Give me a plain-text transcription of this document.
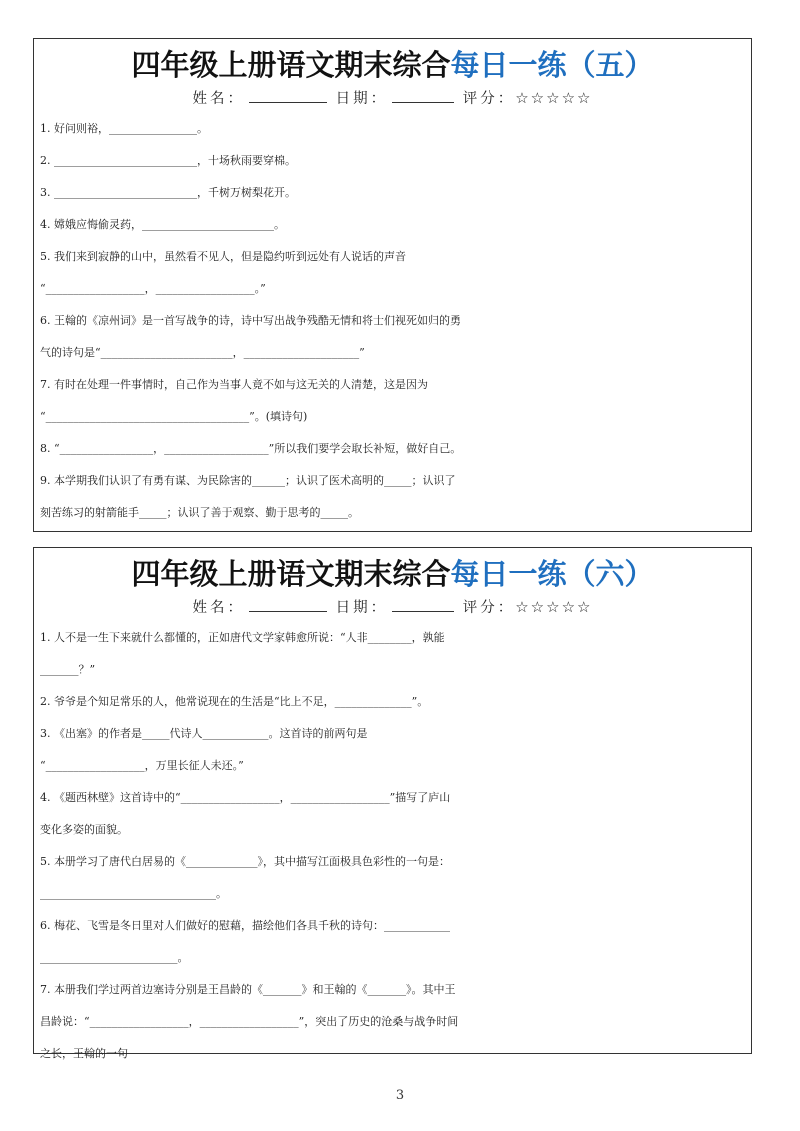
四年级上册语文期末综合每日一练（五）
姓名：	日期：	评分：☆☆☆☆☆
1. 好问则裕，________________。
2. __________________________，十场秋雨要穿棉。
3. __________________________，千树万树梨花开。
4. 嫦娥应悔偷灵药，________________________。
5. 我们来到寂静的山中，虽然看不见人，但是隐约听到远处有人说话的声音
“__________________，__________________。”
6. 王翰的《凉州词》是一首写战争的诗，诗中写出战争残酷无情和将士们视死如归的勇
气的诗句是“________________________，_____________________”
7. 有时在处理一件事情时，自己作为当事人竟不如与这无关的人清楚，这是因为
“_____________________________________”。(填诗句)
8. “_________________，___________________”所以我们要学会取长补短，做好自己。
9. 本学期我们认识了有勇有谋、为民除害的______；认识了医术高明的_____；认识了
刻苦练习的射箭能手_____；认识了善于观察、勤于思考的_____。
四年级上册语文期末综合每日一练（六）
姓名：	日期：	评分：☆☆☆☆☆
1. 人不是一生下来就什么都懂的，正如唐代文学家韩愈所说：“人非________，孰能
_______？”
2. 爷爷是个知足常乐的人，他常说现在的生活是“比上不足，______________”。
3. 《出塞》的作者是_____代诗人____________。这首诗的前两句是
“__________________，万里长征人未还。”
4. 《题西林壁》这首诗中的“__________________，__________________”描写了庐山
变化多姿的面貌。
5. 本册学习了唐代白居易的《_____________》，其中描写江面极具色彩性的一句是：
________________________________。
6. 梅花、飞雪是冬日里对人们做好的慰藉，描绘他们各具千秋的诗句：____________
_________________________。
7. 本册我们学过两首边塞诗分别是王昌龄的《_______》和王翰的《_______》。其中王
昌龄说：“__________________，__________________”，突出了历史的沧桑与战争时间
之长，王翰的一句
3
